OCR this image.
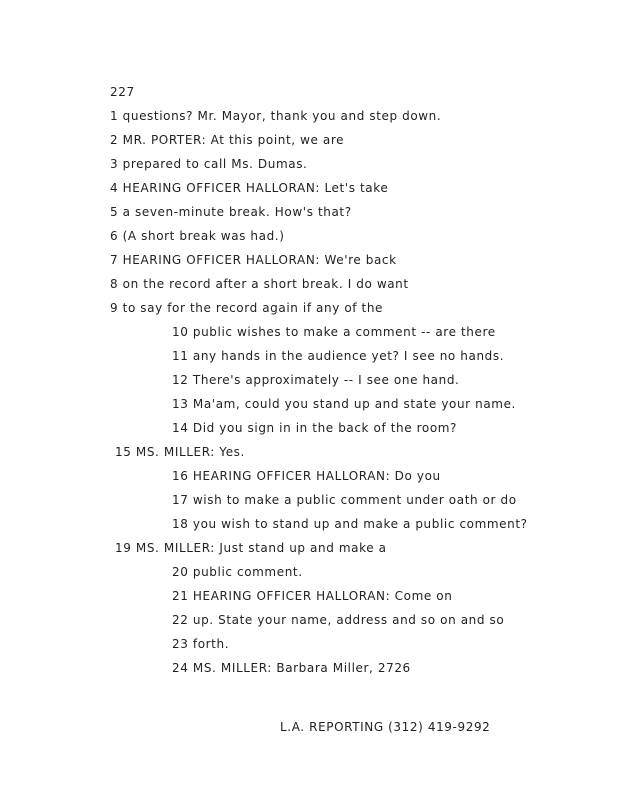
227
1 questions? Mr. Mayor, thank you and step down.
2 MR. PORTER: At this point, we are
3 prepared to call Ms. Dumas.
4 HEARING OFFICER HALLORAN: Let's take
5 a seven-minute break. How's that?
6 (A short break was had.)
7 HEARING OFFICER HALLORAN: We're back
8 on the record after a short break. I do want
9 to say for the record again if any of the
10 public wishes to make a comment -- are there
11 any hands in the audience yet? I see no hands.
12 There's approximately -- I see one hand.
13 Ma'am, could you stand up and state your name.
14 Did you sign in in the back of the room?
15 MS. MILLER: Yes.
16 HEARING OFFICER HALLORAN: Do you
17 wish to make a public comment under oath or do
18 you wish to stand up and make a public comment?
19 MS. MILLER: Just stand up and make a
20 public comment.
21 HEARING OFFICER HALLORAN: Come on
22 up. State your name, address and so on and so
23 forth.
24 MS. MILLER: Barbara Miller, 2726
L.A. REPORTING (312) 419-9292
